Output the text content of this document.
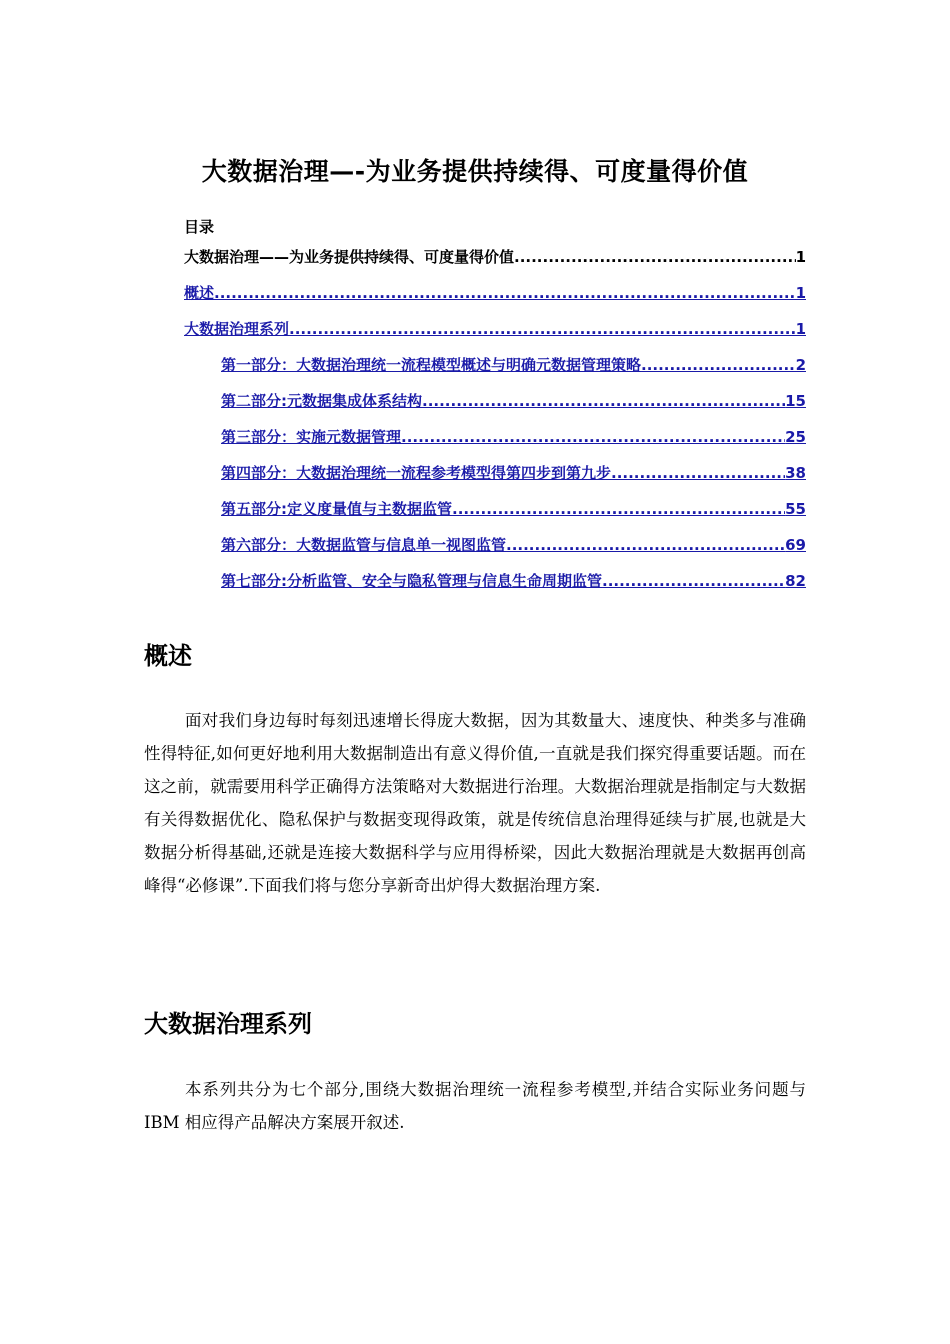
大数据治理—-为业务提供持续得、可度量得价值
目录
大数据治理——为业务提供持续得、可度量得价值 .....	1
概述 .....	1
大数据治理系列 .....	1
第一部分：大数据治理统一流程模型概述与明确元数据管理策略 .....	2
第二部分:元数据集成体系结构 .....	15
第三部分：实施元数据管理 .....	25
第四部分：大数据治理统一流程参考模型得第四步到第九步 .....	38
第五部分:定义度量值与主数据监管 .....	55
第六部分：大数据监管与信息单一视图监管 .....	69
第七部分:分析监管、安全与隐私管理与信息生命周期监管 .....	82
概述
面对我们身边每时每刻迅速增长得庞大数据，因为其数量大、速度快、种类多与准确性得特征,如何更好地利用大数据制造出有意义得价值,一直就是我们探究得重要话题。而在这之前，就需要用科学正确得方法策略对大数据进行治理。大数据治理就是指制定与大数据有关得数据优化、隐私保护与数据变现得政策，就是传统信息治理得延续与扩展,也就是大数据分析得基础,还就是连接大数据科学与应用得桥梁，因此大数据治理就是大数据再创高峰得“必修课”.下面我们将与您分享新奇出炉得大数据治理方案.
大数据治理系列
本系列共分为七个部分,围绕大数据治理统一流程参考模型,并结合实际业务问题与 IBM 相应得产品解决方案展开叙述.
